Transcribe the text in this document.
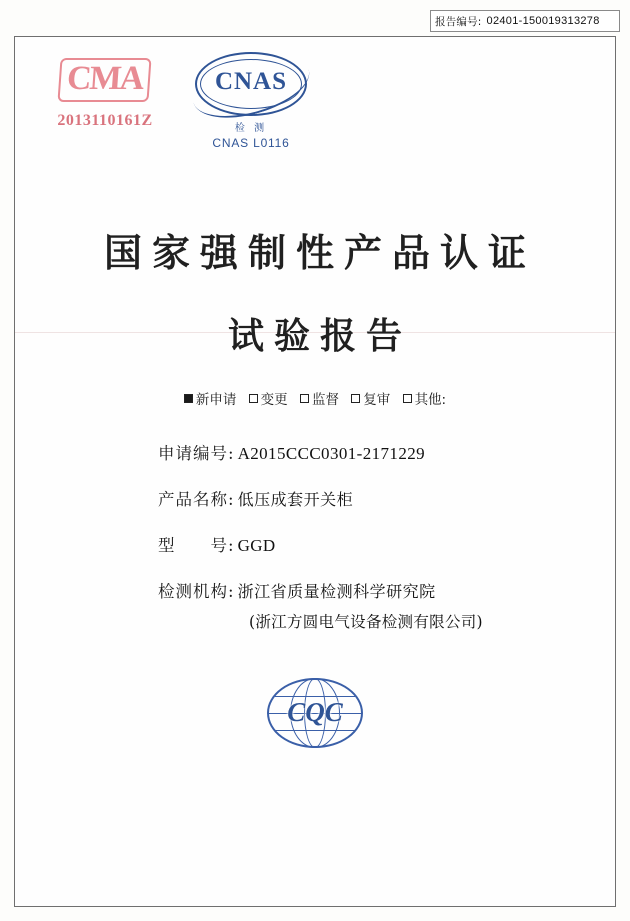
报告编号: 02401-150019313278
CMA
2013110161Z
CNAS
检 测
CNAS L0116
国家强制性产品认证
试验报告
新申请 变更 监督 复审 其他:
申请编号 : A2015CCC0301-2171229
产品名称 : 低压成套开关柜
型　　号 : GGD
检测机构 : 浙江省质量检测科学研究院
(浙江方圆电气设备检测有限公司)
CQC
